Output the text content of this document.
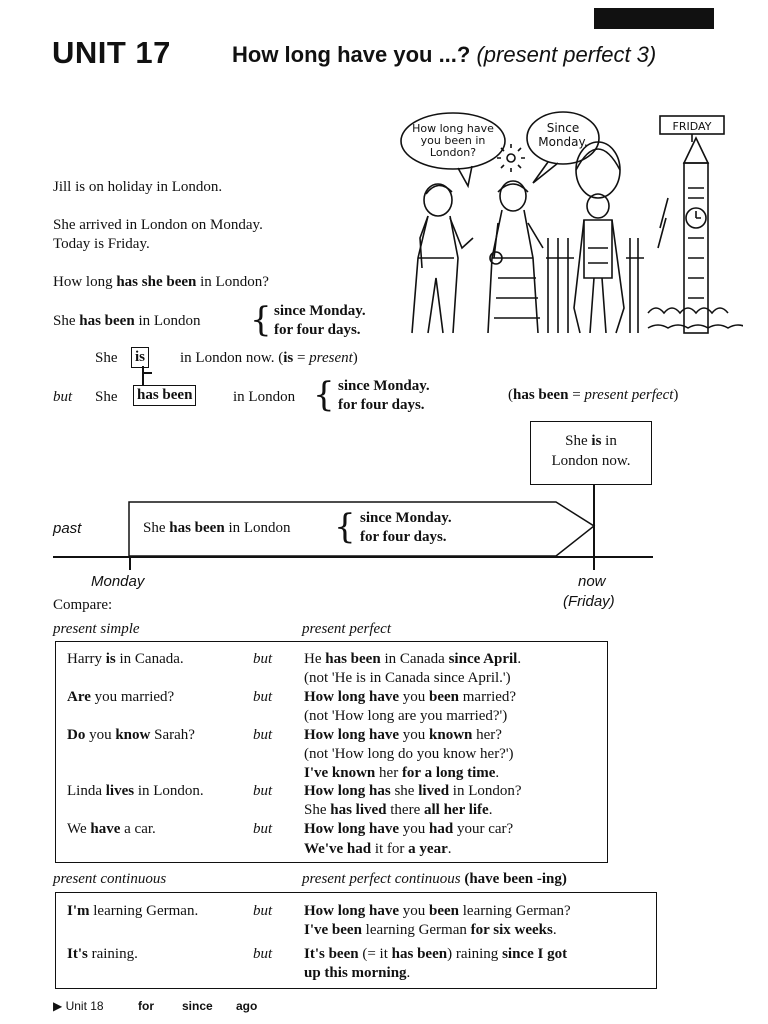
UNIT 17	How long have you ...? (present perfect 3)
How long have you been in London?
Since Monday.
FRIDAY
Jill is on holiday in London.
She arrived in London on Monday.
Today is Friday.
How long has she been in London?
She has been in London { since Monday.
for four days.
She is in London now. (is = present)
but She has been	in London { since Monday.
for four days.
(has been = present perfect)
She is in
London now.
past	She has been in London { since Monday.
for four days.
Monday	now
(Friday)
Compare:
present simple	present perfect
Harry is in Canada.	but He has been in Canada since April.
(not 'He is in Canada since April.')
Are you married?	but How long have you been married?
(not 'How long are you married?')
Do you know Sarah?	but How long have you known her?
(not 'How long do you know her?')
I've known her for a long time.
Linda lives in London.	but How long has she lived in London?
She has lived there all her life.
We have a car.	but How long have you had your car?
We've had it for a year.
present continuous	present perfect continuous (have been -ing)
I'm learning German.	but How long have you been learning German?
I've been learning German for six weeks.
It's raining.	but It's been (= it has been) raining since I got
up this morning.
▶ Unit 18	for since ago
